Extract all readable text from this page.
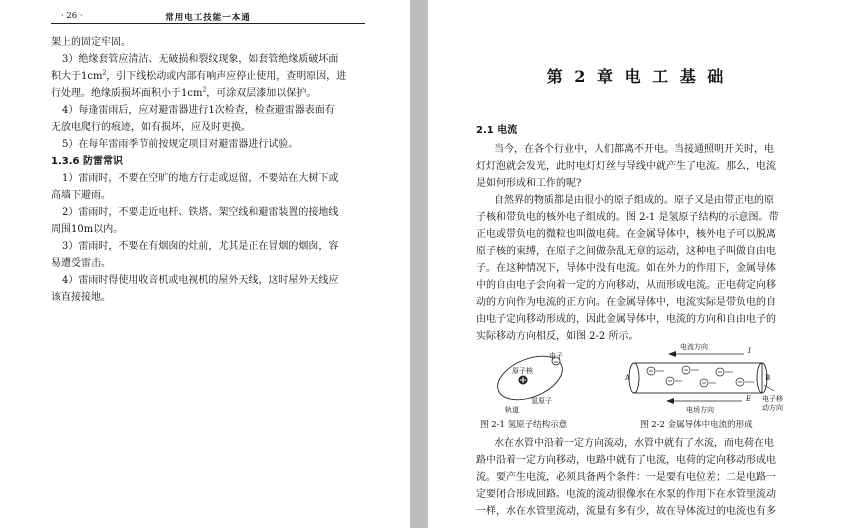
· 26 ·	常用电工技能一本通
架上的固定牢固。
3）绝缘套管应清洁、无破损和裂纹现象，如套管绝缘质破坏面
积大于$1cm^2$，引下线松动或内部有响声应停止使用，查明原因，进
行处理。绝缘质损坏面积小于$1cm^2$，可涂双层漆加以保护。
4）每逢雷雨后，应对避雷器进行1次检查，检查避雷器表面有
无放电爬行的痕迹，如有损坏，应及时更换。
5）在每年雷雨季节前按规定项目对避雷器进行试验。
1.3.6 防雷常识
1）雷雨时，不要在空旷的地方行走或逗留，不要站在大树下或
高墙下避雨。
2）雷雨时，不要走近电杆、铁塔、架空线和避雷装置的接地线
周围10m以内。
3）雷雨时，不要在有烟囱的灶前，尤其是正在冒烟的烟囱，容
易遭受雷击。
4）雷雨时得使用收音机或电视机的屋外天线，这时屋外天线应
该直接接地。
第 2 章 电 工 基 础
2.1 电流
当今，在各个行业中，人们都离不开电。当接通照明开关时，电
灯灯泡就会发光，此时电灯灯丝与导线中就产生了电流。那么，电流
是如何形成和工作的呢?
自然界的物质都是由很小的原子组成的。原子又是由带正电的原
子核和带负电的核外电子组成的。图 2-1 是氢原子结构的示意图。带
正电或带负电的微粒也叫做电荷。在金属导体中，核外电子可以脱离
原子核的束缚，在原子之间做杂乱无章的运动，这种电子叫做自由电
子。在这种情况下，导体中没有电流。如在外力的作用下，金属导体
中的自由电子会向着一定的方向移动，从而形成电流。正电荷定向移
动的方向作为电流的正方向。在金属导体中，电流实际是带负电的自
由电子定向移动形成的，因此金属导体中，电流的方向和自由电子的
实际移动方向相反，如图 2-2 所示。
电子
原子核
氢原子
轨道
图 2-1 氢原子结构示意
电流方向	I
A	B
E
电场方向
电子移
动方向
图 2-2 金属导体中电流的形成
水在水管中沿着一定方向流动，水管中就有了水流，而电荷在电
路中沿着一定方向移动，电路中就有了电流，电荷的定向移动形成电
流。要产生电流，必须具备两个条件：一是要有电位差；二是电路一
定要闭合形成回路。电流的流动很像水在水泵的作用下在水管里流动
一样，水在水管里流动，流量有多有少，故在导体流过的电流也有多
